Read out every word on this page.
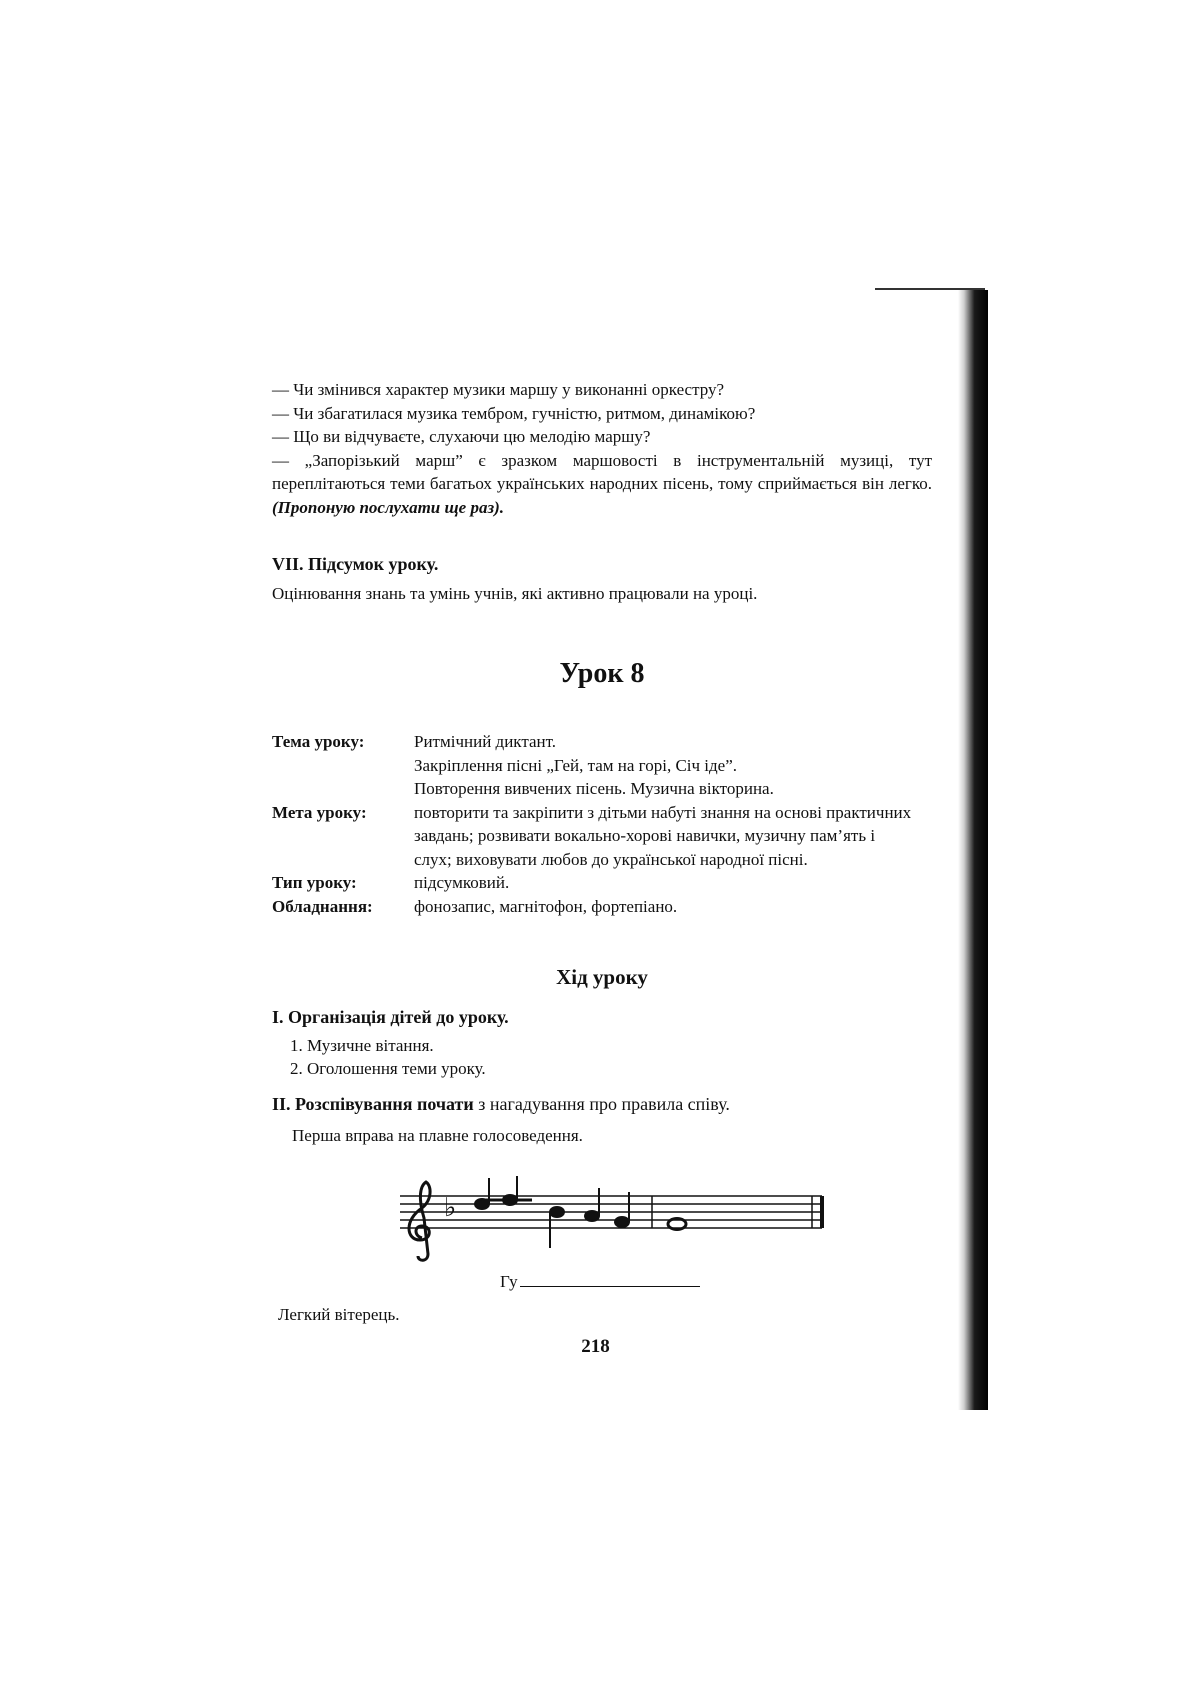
— Чи змінився характер музики маршу у виконанні оркестру?

— Чи збагатилася музика тембром, гучністю, ритмом, динамікою?

— Що ви відчуваєте, слухаючи цю мелодію маршу?

— „Запорізький марш” є зразком маршовості в інструментальній музиці, тут переплітаються теми багатьох українських народних пісень, тому сприймається він легко. (Пропоную послухати ще раз).

VII. Підсумок уроку.

Оцінювання знань та умінь учнів, які активно працювали на уроці.

Урок 8
Тема уроку:	Ритмічний диктант.
Закріплення пісні „Гей, там на горі, Січ іде”.
Повторення вивчених пісень. Музична вікторина.
Мета уроку:	повторити та закріпити з дітьми набуті знання на основі практичних завдань; розвивати вокально-хорові навички, музичну пам’ять і слух; виховувати любов до української народної пісні.
Тип уроку:	підсумковий.
Обладнання:	фонозапис, магнітофон, фортепіано.
Хід уроку

І. Організація дітей до уроку.

1. Музичне вітання.
2. Оголошення теми уроку.

ІІ. Розспівування почати з нагадування про правила співу.

Перша вправа на плавне голосоведення.

♭
Гу
Легкий вітерець.
218
